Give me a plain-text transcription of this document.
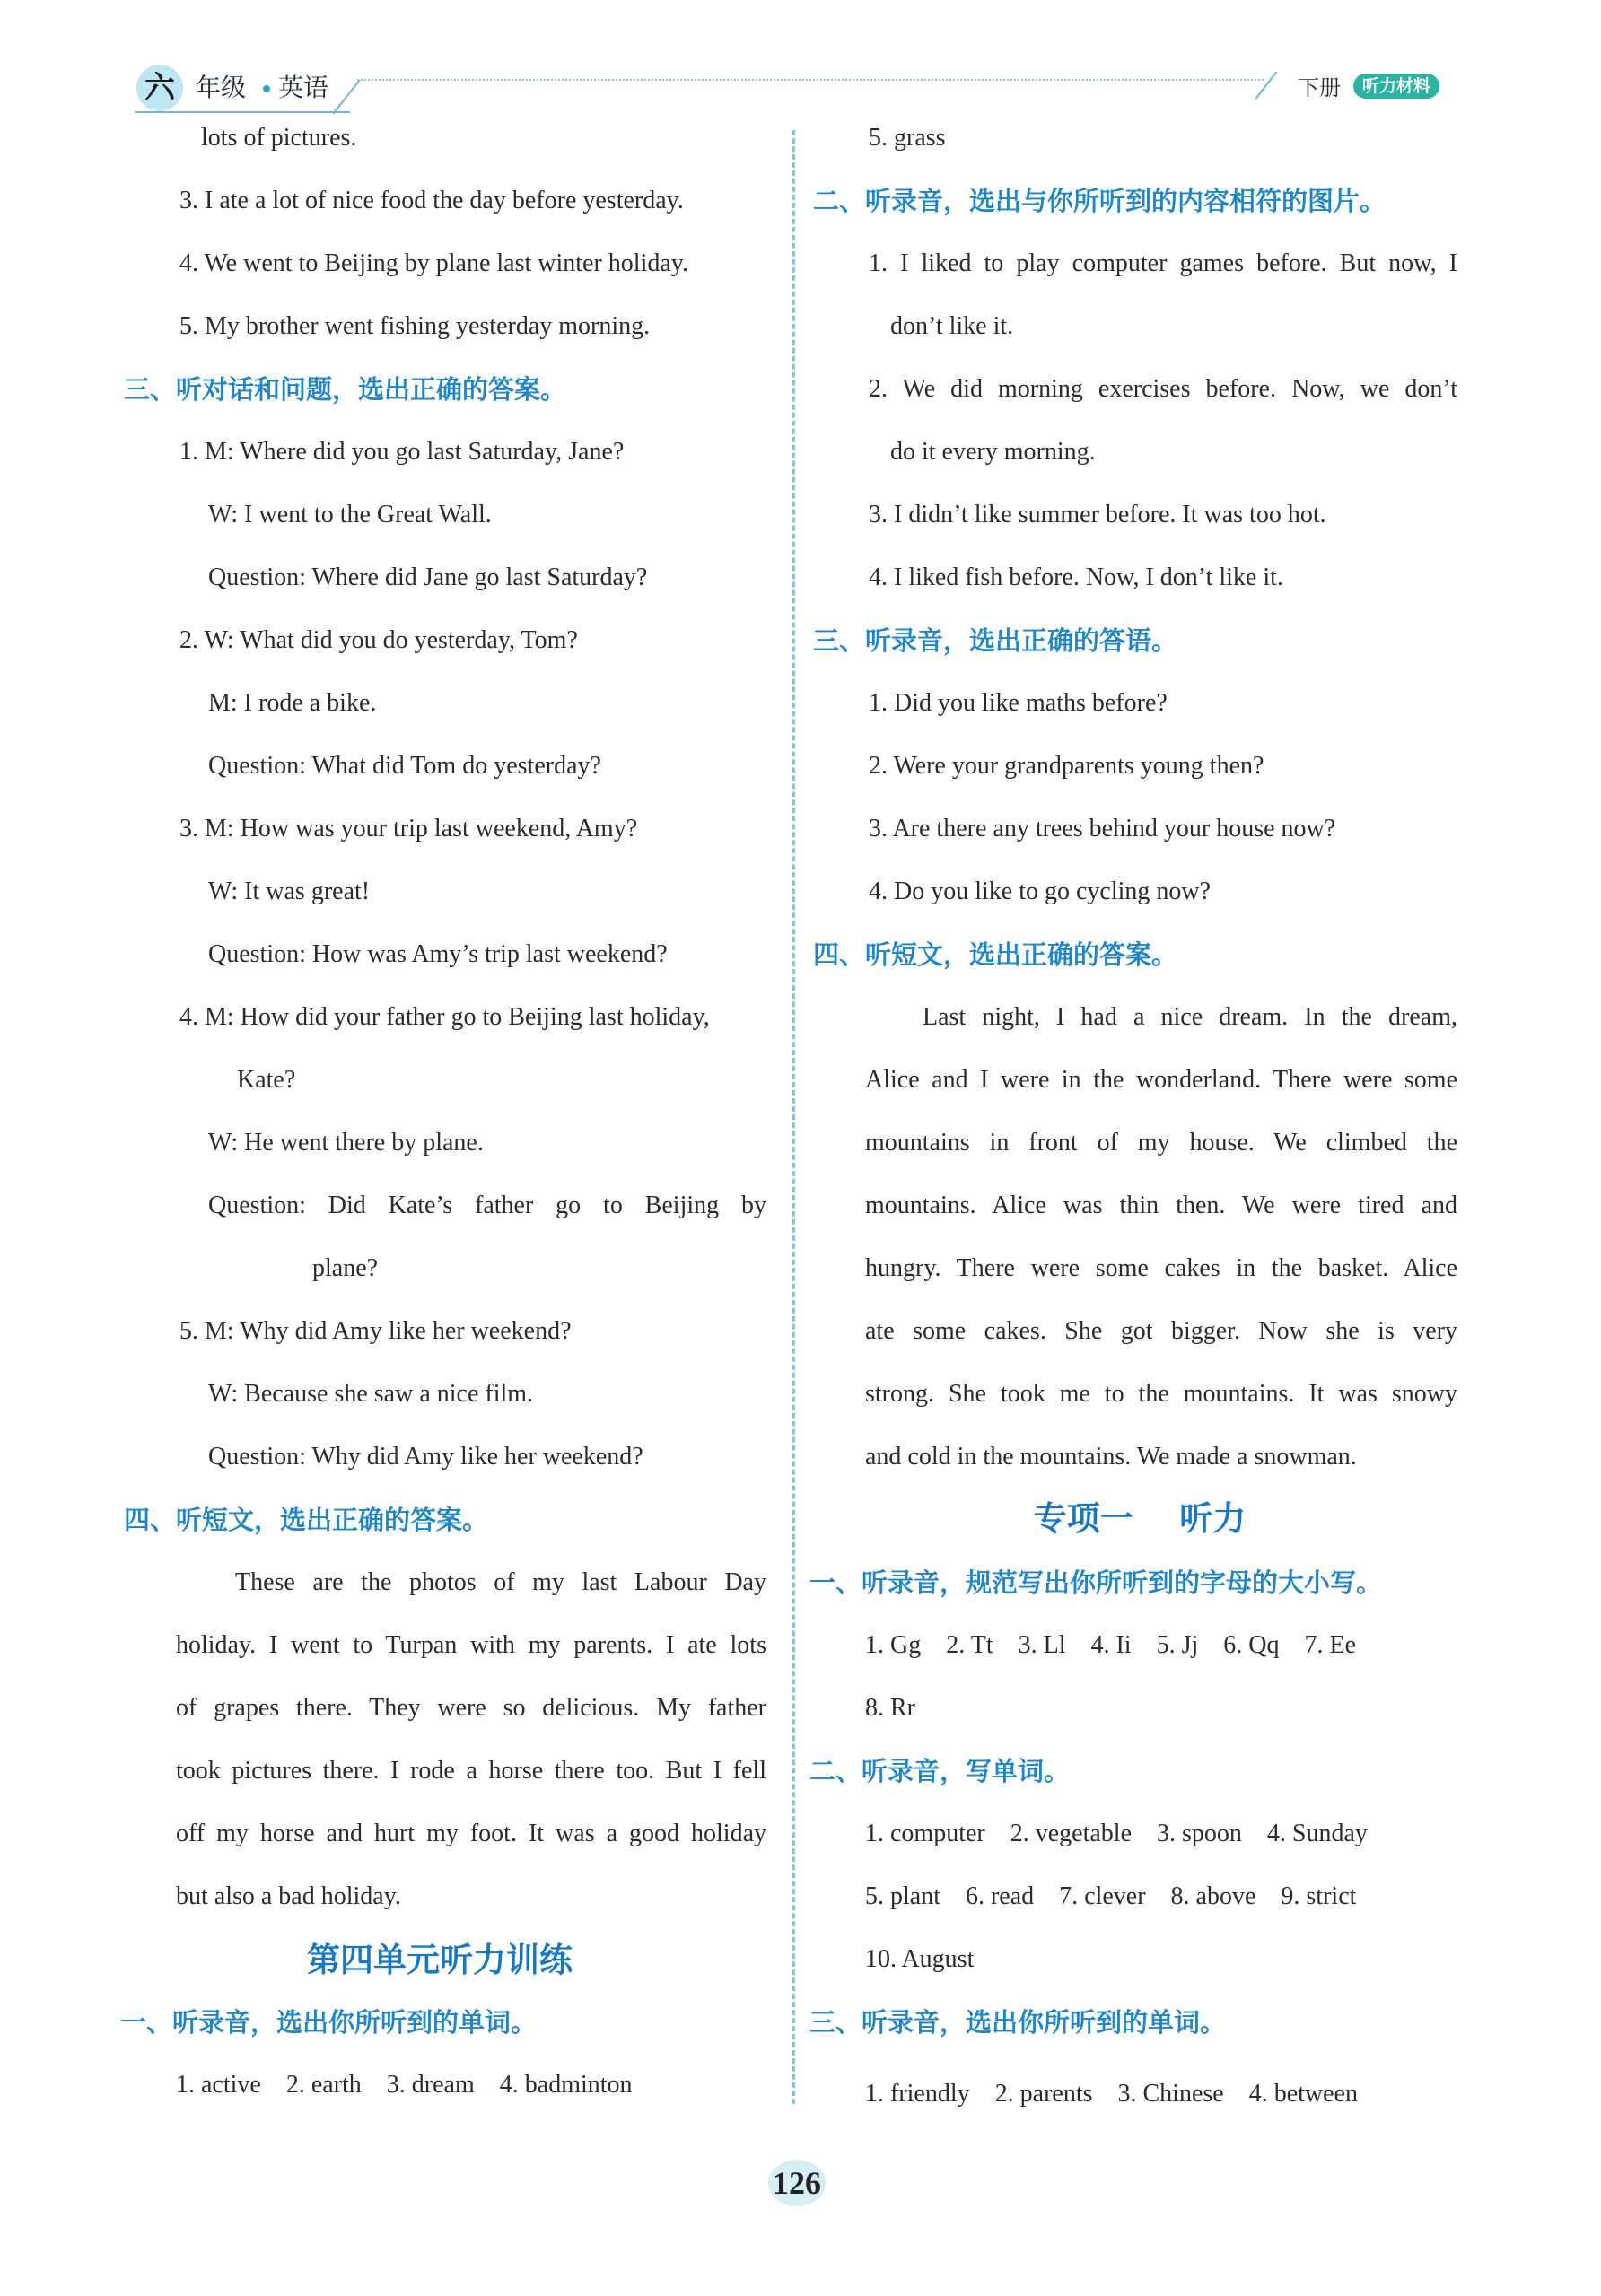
六 年级 英语	下册	听力材料
lots of pictures.
3. I ate a lot of nice food the day before yesterday.
4. We went to Beijing by plane last winter holiday.
5. My brother went fishing yesterday morning.
三、听对话和问题，选出正确的答案。
1. M: Where did you go last Saturday, Jane?
W: I went to the Great Wall.
Question: Where did Jane go last Saturday?
2. W: What did you do yesterday, Tom?
M: I rode a bike.
Question: What did Tom do yesterday?
3. M: How was your trip last weekend, Amy?
W: It was great!
Question: How was Amy’s trip last weekend?
4. M: How did your father go to Beijing last holiday,
Kate?
W: He went there by plane.
Question: Did Kate’s father go to Beijing by
plane?
5. M: Why did Amy like her weekend?
W: Because she saw a nice film.
Question: Why did Amy like her weekend?
四、听短文，选出正确的答案。
These are the photos of my last Labour Day
holiday. I went to Turpan with my parents. I ate lots
of grapes there. They were so delicious. My father
took pictures there. I rode a horse there too. But I fell
off my horse and hurt my foot. It was a good holiday
but also a bad holiday.
第四单元听力训练
一、听录音，选出你所听到的单词。
1. active    2. earth    3. dream    4. badminton
5. grass
二、听录音，选出与你所听到的内容相符的图片。
1. I liked to play computer games before. But now, I
don’t like it.
2. We did morning exercises before. Now, we don’t
do it every morning.
3. I didn’t like summer before. It was too hot.
4. I liked fish before. Now, I don’t like it.
三、听录音，选出正确的答语。
1. Did you like maths before?
2. Were your grandparents young then?
3. Are there any trees behind your house now?
4. Do you like to go cycling now?
四、听短文，选出正确的答案。
Last night, I had a nice dream. In the dream,
Alice and I were in the wonderland. There were some
mountains in front of my house. We climbed the
mountains. Alice was thin then. We were tired and
hungry. There were some cakes in the basket. Alice
ate some cakes. She got bigger. Now she is very
strong. She took me to the mountains. It was snowy
and cold in the mountains. We made a snowman.
专项一    听力
一、听录音，规范写出你所听到的字母的大小写。
1. Gg    2. Tt    3. Ll    4. Ii    5. Jj    6. Qq    7. Ee
8. Rr
二、听录音，写单词。
1. computer    2. vegetable    3. spoon    4. Sunday
5. plant    6. read    7. clever    8. above    9. strict
10. August
三、听录音，选出你所听到的单词。
1. friendly    2. parents    3. Chinese    4. between
126
